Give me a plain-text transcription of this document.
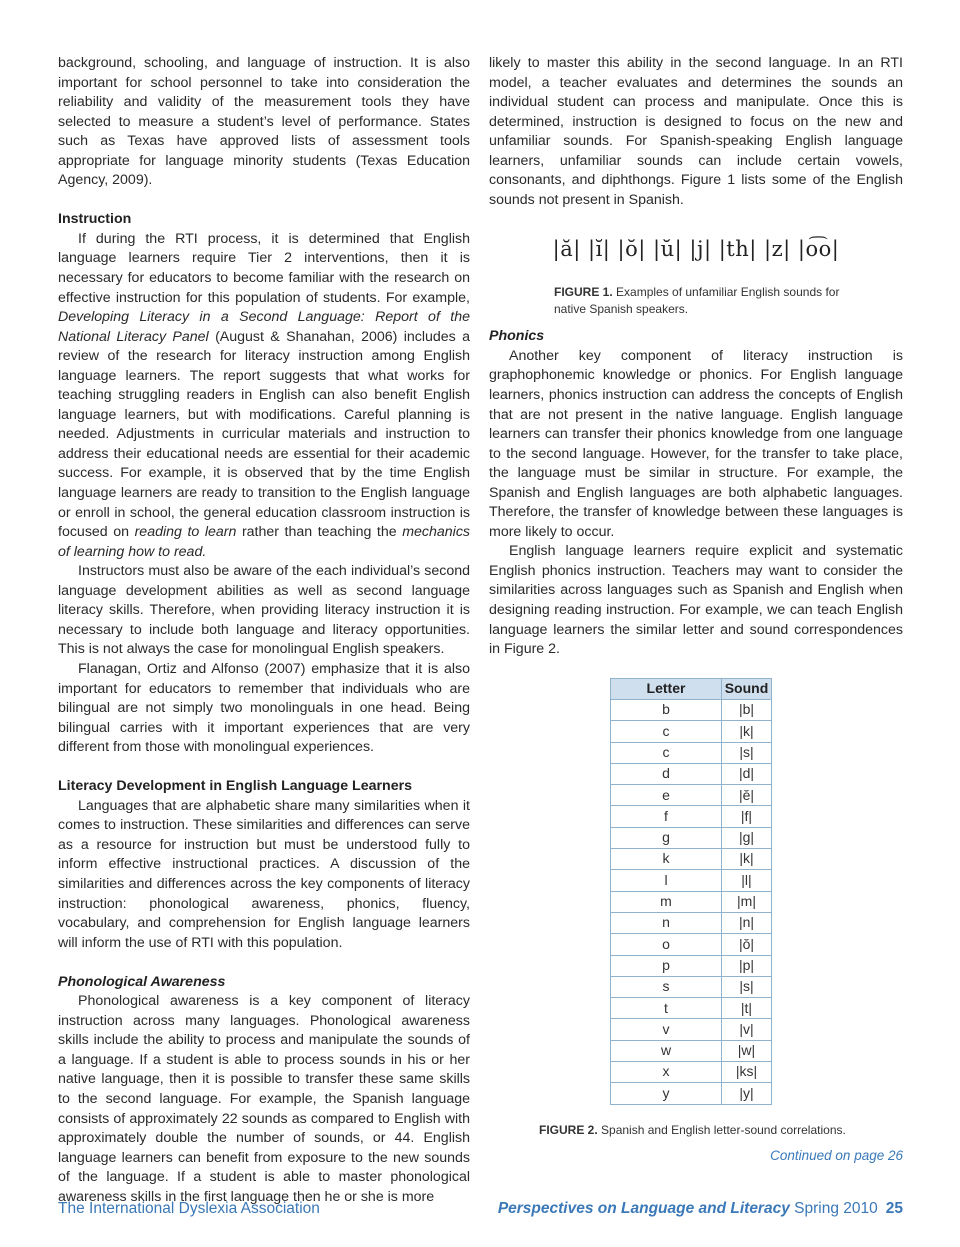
background, schooling, and language of instruction. It is also important for school personnel to take into consideration the reliability and validity of the measurement tools they have selected to measure a student’s level of performance. States such as Texas have approved lists of assessment tools appropriate for language minority students (Texas Education Agency, 2009).

Instruction

If during the RTI process, it is determined that English language learners require Tier 2 interventions, then it is necessary for educators to become familiar with the research on effective instruction for this population of students. For example, Developing Literacy in a Second Language: Report of the National Literacy Panel (August & Shanahan, 2006) includes a review of the research for literacy instruction among English language learners. The report suggests that what works for teaching struggling readers in English can also benefit English language learners, but with modifications. Careful planning is needed. Adjustments in curricular materials and instruction to address their educational needs are essential for their academic success. For example, it is observed that by the time English language learners are ready to transition to the English language or enroll in school, the general education classroom instruction is focused on reading to learn rather than teaching the mechanics of learning how to read.

Instructors must also be aware of the each individual’s second language development abilities as well as second language literacy skills. Therefore, when providing literacy instruction it is necessary to include both language and literacy opportunities. This is not always the case for monolingual English speakers.

Flanagan, Ortiz and Alfonso (2007) emphasize that it is also important for educators to remember that individuals who are bilingual are not simply two monolinguals in one head. Being bilingual carries with it important experiences that are very different from those with monolingual experiences.

Literacy Development in English Language Learners

Languages that are alphabetic share many similarities when it comes to instruction. These similarities and differences can serve as a resource for instruction but must be understood fully to inform effective instructional practices. A discussion of the similarities and differences across the key components of literacy instruction: phonological awareness, phonics, fluency, vocabulary, and comprehension for English language learners will inform the use of RTI with this population.

Phonological Awareness

Phonological awareness is a key component of literacy instruction across many languages. Phonological awareness skills include the ability to process and manipulate the sounds of a language. If a student is able to process sounds in his or her native language, then it is possible to transfer these same skills to the second language. For example, the Spanish language consists of approximately 22 sounds as compared to English with approximately double the number of sounds, or 44. English language learners can benefit from exposure to the new sounds of the language. If a student is able to master phonological awareness skills in the first language then he or she is more

likely to master this ability in the second language. In an RTI model, a teacher evaluates and determines the sounds an individual student can process and manipulate. Once this is determined, instruction is designed to focus on the new and unfamiliar sounds. For Spanish-speaking English language learners, unfamiliar sounds can include certain vowels, consonants, and diphthongs. Figure 1 lists some of the English sounds not present in Spanish.

|ă| |ĭ| |ŏ| |ŭ| |j| |th| |z| |o͡o|
FIGURE 1. Examples of unfamiliar English sounds for native Spanish speakers.
Phonics

Another key component of literacy instruction is graphophonemic knowledge or phonics. For English language learners, phonics instruction can address the concepts of English that are not present in the native language. English language learners can transfer their phonics knowledge from one language to the second language. However, for the transfer to take place, the language must be similar in structure. For example, the Spanish and English languages are both alphabetic languages. Therefore, the transfer of knowledge between these languages is more likely to occur.

English language learners require explicit and systematic English phonics instruction. Teachers may want to consider the similarities across languages such as Spanish and English when designing reading instruction. For example, we can teach English language learners the similar letter and sound correspondences in Figure 2.

Letter	Sound
b	|b|
c	|k|
c	|s|
d	|d|
e	|ĕ|
f	|f|
g	|g|
k	|k|
l	|l|
m	|m|
n	|n|
o	|ŏ|
p	|p|
s	|s|
t	|t|
v	|v|
w	|w|
x	|ks|
y	|y|
FIGURE 2. Spanish and English letter-sound correlations.
Continued on page 26
The International Dyslexia Association	Perspectives on Language and Literacy Spring 2010 25
